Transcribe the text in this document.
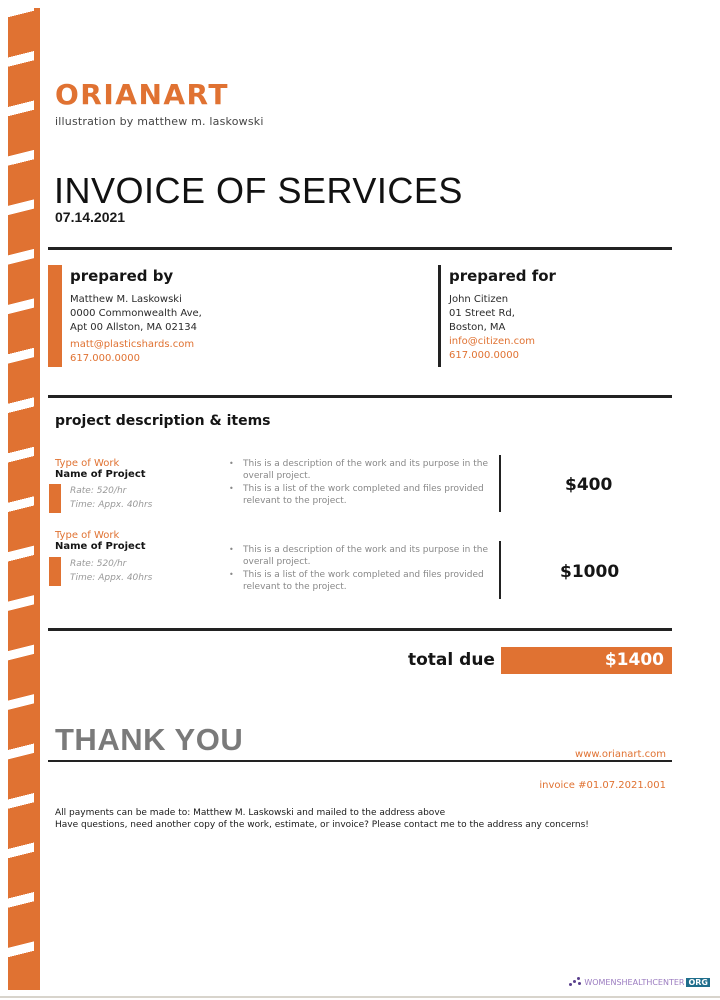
ORIANART
illustration by matthew m. laskowski
INVOICE OF SERVICES
07.14.2021
prepared by
Matthew M. Laskowski
0000 Commonwealth Ave,
Apt 00 Allston, MA 02134
matt@plasticshards.com
617.000.0000
prepared for
John Citizen
01 Street Rd,
Boston, MA
info@citizen.com
617.000.0000
project description & items
Type of Work
Name of Project
Rate: 520/hr
Time: Appx. 40hrs
• This is a description of the work and its purpose in the overall project.
• This is a list of the work completed and files provided relevant to the project.
$400
Type of Work
Name of Project
Rate: 520/hr
Time: Appx. 40hrs
• This is a description of the work and its purpose in the overall project.
• This is a list of the work completed and files provided relevant to the project.
$1000
total due	$1400
THANK YOU	www.orianart.com
invoice #01.07.2021.001
All payments can be made to: Matthew M. Laskowski and mailed to the address above
Have questions, need another copy of the work, estimate, or invoice? Please contact me to the address any concerns!
WOMENSHEALTHCENTER ORG
